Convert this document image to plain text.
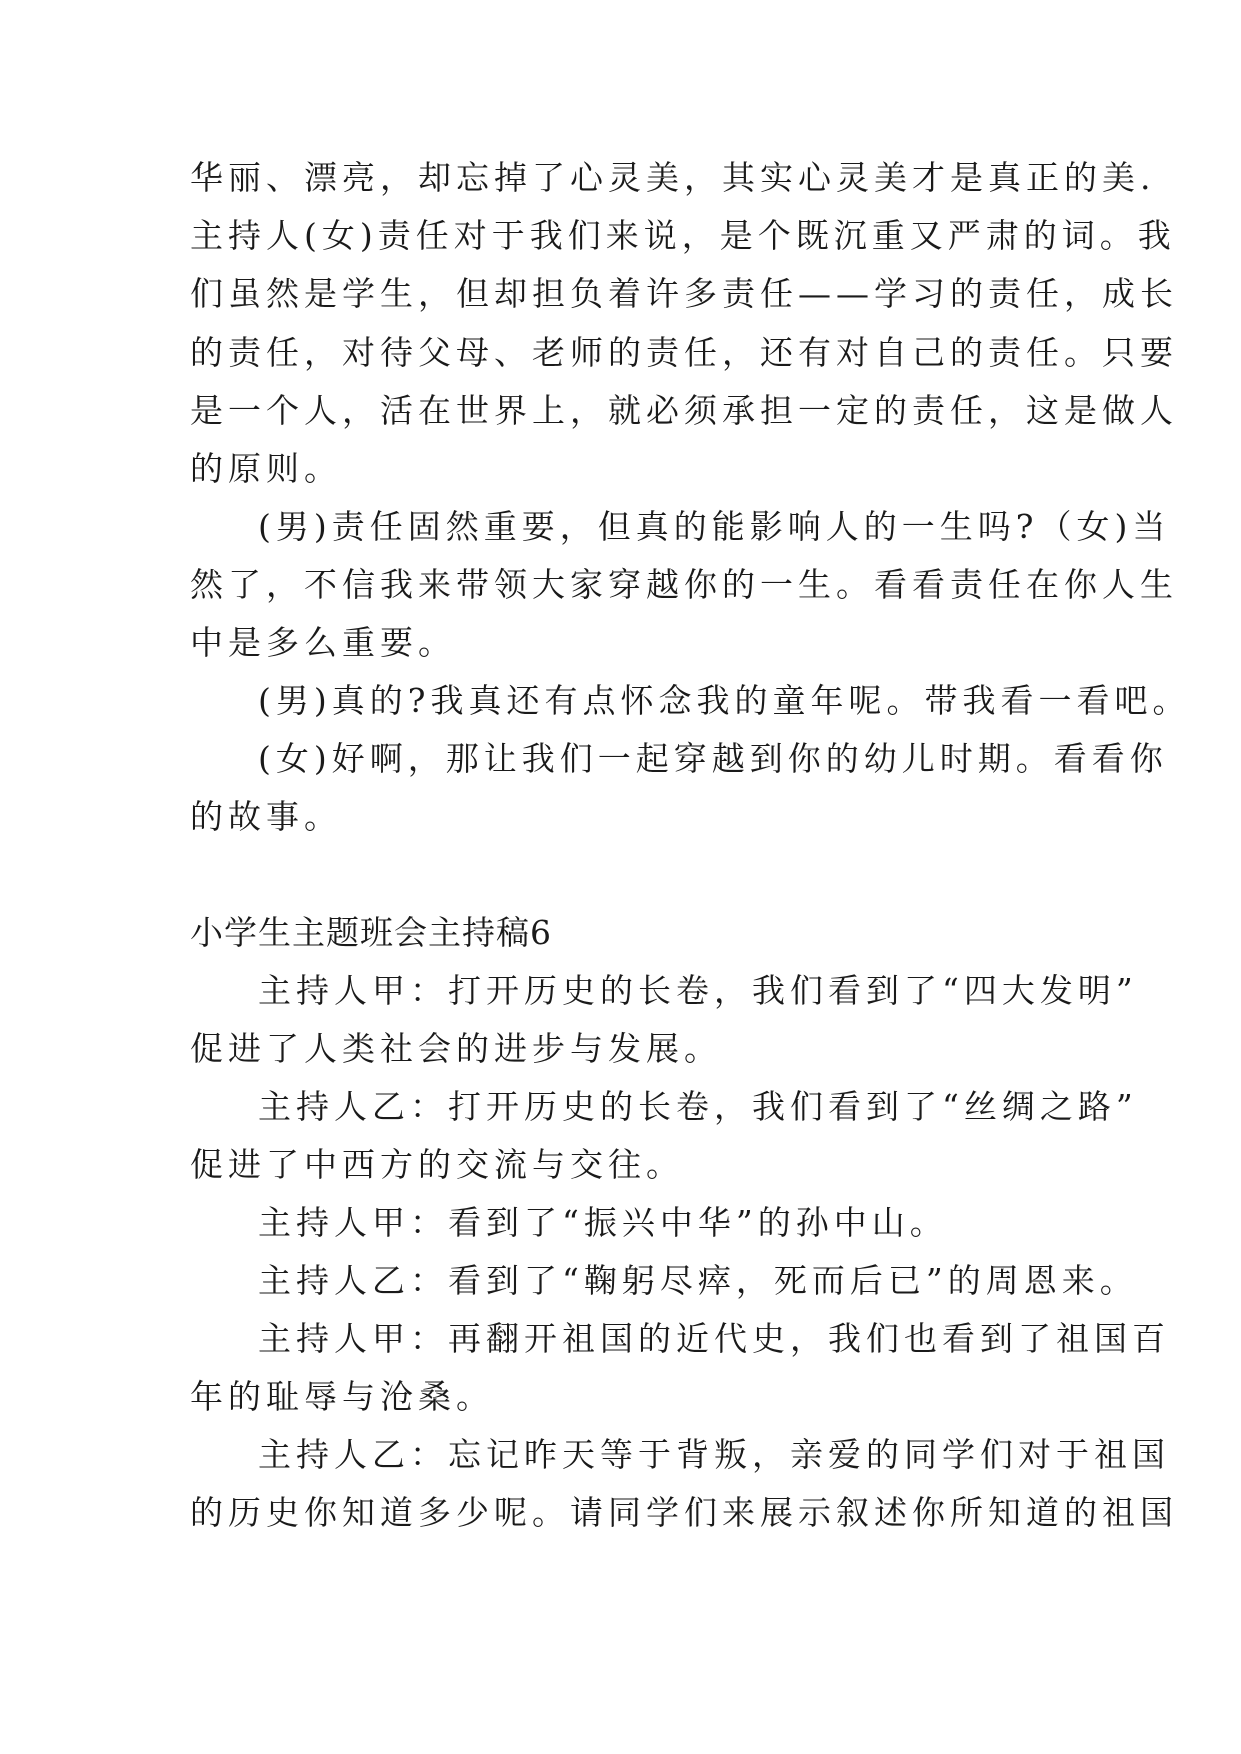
华丽、漂亮，却忘掉了心灵美，其实心灵美才是真正的美.
主持人(女)责任对于我们来说，是个既沉重又严肃的词。我
们虽然是学生，但却担负着许多责任——学习的责任，成长
的责任，对待父母、老师的责任，还有对自己的责任。只要
是一个人，活在世界上，就必须承担一定的责任，这是做人
的原则。
(男)责任固然重要，但真的能影响人的一生吗?（女)当
然了，不信我来带领大家穿越你的一生。看看责任在你人生
中是多么重要。
(男)真的?我真还有点怀念我的童年呢。带我看一看吧。
(女)好啊，那让我们一起穿越到你的幼儿时期。看看你
的故事。
小学生主题班会主持稿6
主持人甲：打开历史的长卷，我们看到了“四大发明”
促进了人类社会的进步与发展。
主持人乙：打开历史的长卷，我们看到了“丝绸之路”
促进了中西方的交流与交往。
主持人甲：看到了“振兴中华”的孙中山。
主持人乙：看到了“鞠躬尽瘁，死而后已”的周恩来。
主持人甲：再翻开祖国的近代史，我们也看到了祖国百
年的耻辱与沧桑。
主持人乙：忘记昨天等于背叛，亲爱的同学们对于祖国
的历史你知道多少呢。请同学们来展示叙述你所知道的祖国
